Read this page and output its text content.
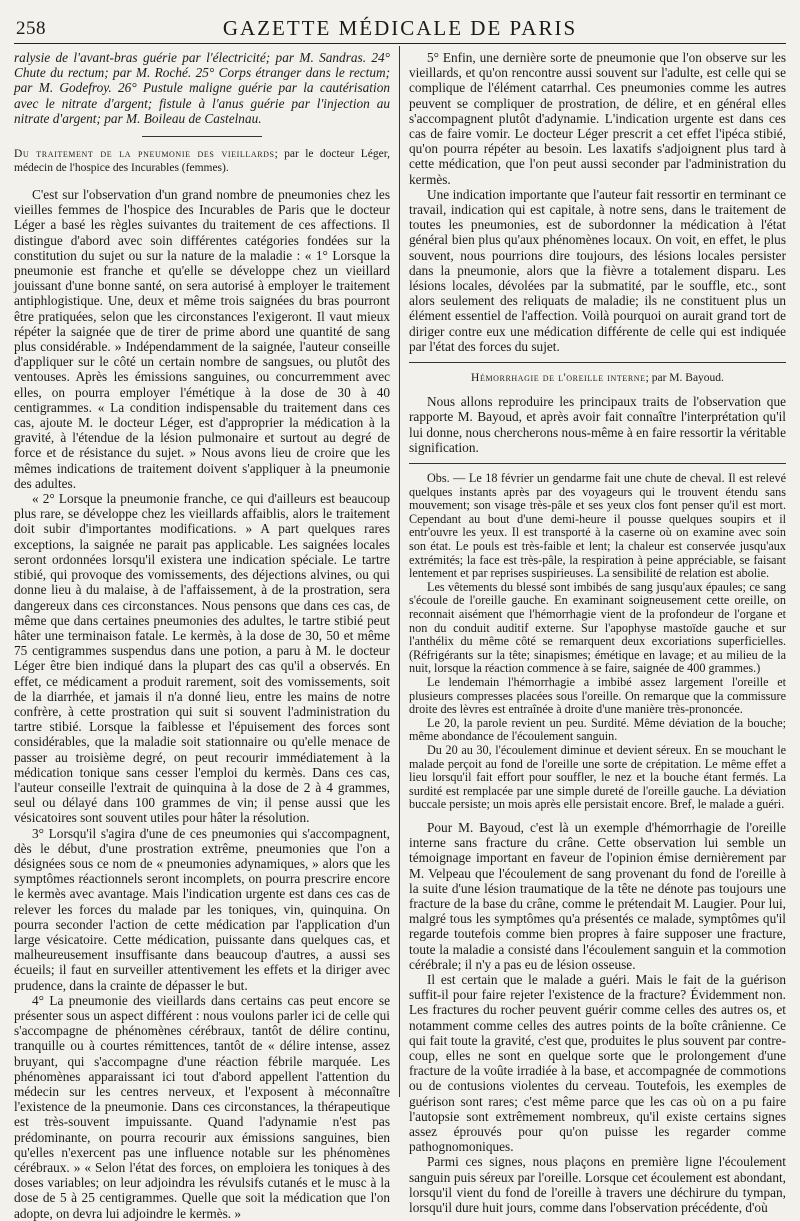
258	GAZETTE MÉDICALE DE PARIS

ralysie de l'avant-bras guérie par l'électricité; par M. Sandras. 24° Chute du rectum; par M. Roché. 25° Corps étranger dans le rectum; par M. Godefroy. 26° Pustule maligne guérie par la cautérisation avec le nitrate d'argent; fistule à l'anus guérie par l'injection au nitrate d'argent; par M. Boileau de Castelnau.

Du traitement de la pneumonie des vieillards; par le docteur Léger, médecin de l'hospice des Incurables (femmes).

C'est sur l'observation d'un grand nombre de pneumonies chez les vieilles femmes de l'hospice des Incurables de Paris que le docteur Léger a basé les règles suivantes du traitement de ces affections. Il distingue d'abord avec soin différentes catégories fondées sur la constitution du sujet ou sur la nature de la maladie : « 1° Lorsque la pneumonie est franche et qu'elle se développe chez un vieillard jouissant d'une bonne santé, on sera autorisé à employer le traitement antiphlogistique. Une, deux et même trois saignées du bras pourront être pratiquées, selon que les circonstances l'exigeront. Il vaut mieux répéter la saignée que de tirer de prime abord une quantité de sang plus considérable. » Indépendamment de la saignée, l'auteur conseille d'appliquer sur le côté un certain nombre de sangsues, ou plutôt des ventouses. Après les émissions sanguines, ou concurremment avec elles, on pourra employer l'émétique à la dose de 30 à 40 centigrammes. « La condition indispensable du traitement dans ces cas, ajoute M. le docteur Léger, est d'approprier la médication à la gravité, à l'étendue de la lésion pulmonaire et surtout au degré de force et de résistance du sujet. » Nous avons lieu de croire que les mêmes indications de traitement doivent s'appliquer à la pneumonie des adultes.

« 2° Lorsque la pneumonie franche, ce qui d'ailleurs est beaucoup plus rare, se développe chez les vieillards affaiblis, alors le traitement doit subir d'importantes modifications. » A part quelques rares exceptions, la saignée ne parait pas applicable. Les saignées locales seront ordonnées lorsqu'il existera une indication spéciale. Le tartre stibié, qui provoque des vomissements, des déjections alvines, ou qui donne lieu à du malaise, à de l'affaissement, à de la prostration, sera dangereux dans ces circonstances. Nous pensons que dans ces cas, de même que dans certaines pneumonies des adultes, le tartre stibié peut hâter une terminaison fatale. Le kermès, à la dose de 30, 50 et même 75 centigrammes suspendus dans une potion, a paru à M. le docteur Léger être bien indiqué dans la plupart des cas qu'il a observés. En effet, ce médicament a produit rarement, soit des vomissements, soit de la diarrhée, et jamais il n'a donné lieu, entre les mains de notre confrère, à cette prostration qui suit si souvent l'administration du tartre stibié. Lorsque la faiblesse et l'épuisement des forces sont considérables, que la maladie soit stationnaire ou qu'elle menace de passer au troisième degré, on peut recourir immédiatement à la médication tonique sans cesser l'emploi du kermès. Dans ces cas, l'auteur conseille l'extrait de quinquina à la dose de 2 à 4 grammes, seul ou délayé dans 100 grammes de vin; il pense aussi que les vésicatoires sont souvent utiles pour hâter la résolution.

3° Lorsqu'il s'agira d'une de ces pneumonies qui s'accompagnent, dès le début, d'une prostration extrême, pneumonies que l'on a désignées sous ce nom de « pneumonies adynamiques, » alors que les symptômes réactionnels seront incomplets, on pourra prescrire encore le kermès avec avantage. Mais l'indication urgente est dans ces cas de relever les forces du malade par les toniques, vin, quinquina. On pourra seconder l'action de cette médication par l'application d'un large vésicatoire. Cette médication, puissante dans quelques cas, et malheureusement insuffisante dans beaucoup d'autres, a aussi ses écueils; il faut en surveiller attentivement les effets et la diriger avec prudence, dans la crainte de dépasser le but.

4° La pneumonie des vieillards dans certains cas peut encore se présenter sous un aspect différent : nous voulons parler ici de celle qui s'accompagne de phénomènes cérébraux, tantôt de délire continu, tranquille ou à courtes rémittences, tantôt de « délire intense, assez bruyant, qui s'accompagne d'une réaction fébrile marquée. Les phénomènes apparaissant ici tout d'abord appellent l'attention du médecin sur les centres nerveux, et l'exposent à méconnaître l'existence de la pneumonie. Dans ces circonstances, la thérapeutique est très-souvent impuissante. Quand l'adynamie n'est pas prédominante, on pourra recourir aux émissions sanguines, bien qu'elles n'exercent pas une influence notable sur les phénomènes cérébraux. » « Selon l'état des forces, on emploiera les toniques à des doses variables; on leur adjoindra les révulsifs cutanés et le musc à la dose de 5 à 25 centigrammes. Quelle que soit la médication que l'on adopte, on devra lui adjoindre le kermès. »

5° Enfin, une dernière sorte de pneumonie que l'on observe sur les vieillards, et qu'on rencontre aussi souvent sur l'adulte, est celle qui se complique de l'élément catarrhal. Ces pneumonies comme les autres peuvent se compliquer de prostration, de délire, et en général elles s'accompagnent plutôt d'adynamie. L'indication urgente est dans ces cas de faire vomir. Le docteur Léger prescrit a cet effet l'ipéca stibié, qu'on pourra répéter au besoin. Les laxatifs s'adjoignent plus tard à cette médication, que l'on peut aussi seconder par l'administration du kermès.

Une indication importante que l'auteur fait ressortir en terminant ce travail, indication qui est capitale, à notre sens, dans le traitement de toutes les pneumonies, est de subordonner la médication à l'état général bien plus qu'aux phénomènes locaux. On voit, en effet, le plus souvent, nous pourrions dire toujours, des lésions locales persister dans la pneumonie, alors que la fièvre a totalement disparu. Les lésions locales, dévolées par la submatité, par le souffle, etc., sont alors seulement des reliquats de maladie; ils ne constituent plus un élément essentiel de l'affection. Voilà pourquoi on aurait grand tort de diriger contre eux une médication différente de celle qui est indiquée par l'état des forces du sujet.

Hémorrhagie de l'oreille interne; par M. Bayoud.

Nous allons reproduire les principaux traits de l'observation que rapporte M. Bayoud, et après avoir fait connaître l'interprétation qu'il lui donne, nous chercherons nous-même à en faire ressortir la véritable signification.

Obs. — Le 18 février un gendarme fait une chute de cheval. Il est relevé quelques instants après par des voyageurs qui le trouvent étendu sans mouvement; son visage très-pâle et ses yeux clos font penser qu'il est mort. Cependant au bout d'une demi-heure il pousse quelques soupirs et il entr'ouvre les yeux. Il est transporté à la caserne où on examine avec soin son état. Le pouls est très-faible et lent; la chaleur est conservée jusqu'aux extrémités; la face est très-pâle, la respiration à peine appréciable, se faisant lentement et par reprises suspirieuses. La sensibilité de relation est abolie.

Les vêtements du blessé sont imbibés de sang jusqu'aux épaules; ce sang s'écoule de l'oreille gauche. En examinant soigneusement cette oreille, on reconnait aisément que l'hémorrhagie vient de la profondeur de l'organe et non du conduit auditif externe. Sur l'apophyse mastoïde gauche et sur l'anthélix du même côté se remarquent deux excoriations superficielles. (Réfrigérants sur la tête; sinapismes; émétique en lavage; et au milieu de la nuit, lorsque la réaction commence à se faire, saignée de 400 grammes.)

Le lendemain l'hémorrhagie a imbibé assez largement l'oreille et plusieurs compresses placées sous l'oreille. On remarque que la commissure droite des lèvres est entraînée à droite d'une manière très-prononcée.

Le 20, la parole revient un peu. Surdité. Même déviation de la bouche; même abondance de l'écoulement sanguin.

Du 20 au 30, l'écoulement diminue et devient séreux. En se mouchant le malade perçoit au fond de l'oreille une sorte de crépitation. Le même effet a lieu lorsqu'il fait effort pour souffler, le nez et la bouche étant fermés. La surdité est remplacée par une simple dureté de l'oreille gauche. La déviation buccale persiste; un mois après elle persistait encore. Bref, le malade a guéri.

Pour M. Bayoud, c'est là un exemple d'hémorrhagie de l'oreille interne sans fracture du crâne. Cette observation lui semble un témoignage important en faveur de l'opinion émise dernièrement par M. Velpeau que l'écoulement de sang provenant du fond de l'oreille à la suite d'une lésion traumatique de la tête ne dénote pas toujours une fracture de la base du crâne, comme le prétendait M. Laugier. Pour lui, malgré tous les symptômes qu'a présentés ce malade, symptômes qu'il regarde toutefois comme bien propres à faire supposer une fracture, toute la maladie a consisté dans l'écoulement sanguin et la commotion cérébrale; il n'y a pas eu de lésion osseuse.

Il est certain que le malade a guéri. Mais le fait de la guérison suffit-il pour faire rejeter l'existence de la fracture? Évidemment non. Les fractures du rocher peuvent guérir comme celles des autres os, et notamment comme celles des autres points de la boîte crânienne. Ce qui fait toute la gravité, c'est que, produites le plus souvent par contre-coup, elles ne sont en quelque sorte que le prolongement d'une fracture de la voûte irradiée à la base, et accompagnée de commotions ou de contusions violentes du cerveau. Toutefois, les exemples de guérison sont rares; c'est même parce que les cas où on a pu faire l'autopsie sont extrêmement nombreux, qu'il existe certains signes assez éprouvés pour qu'on puisse les regarder comme pathognomoniques.

Parmi ces signes, nous plaçons en première ligne l'écoulement sanguin puis séreux par l'oreille. Lorsque cet écoulement est abondant, lorsqu'il vient du fond de l'oreille à travers une déchirure du tympan, lorsqu'il dure huit jours, comme dans l'observation précédente, d'où
